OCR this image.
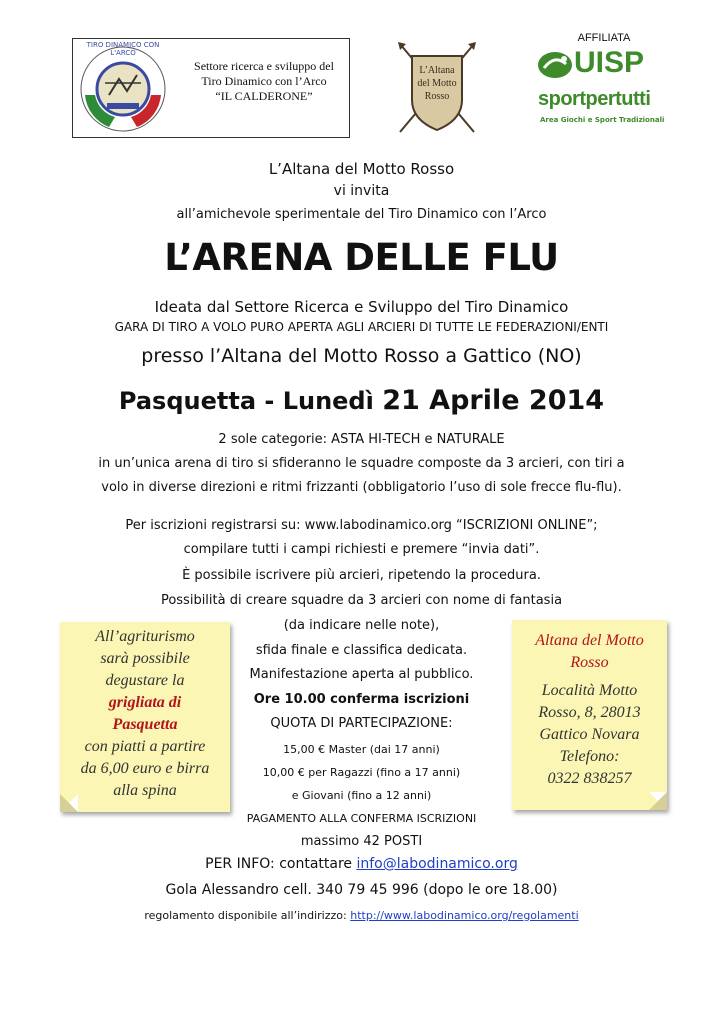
TIRO DINAMICO CON L'ARCO
Settore ricerca e sviluppo del
Tiro Dinamico con l’Arco
“IL CALDERONE”
L’Altana del Motto Rosso
AFFILIATA
UISP
sportpertutti
Area Giochi e Sport Tradizionali
L’Altana del Motto Rosso
vi invita
all’amichevole sperimentale del Tiro Dinamico con l’Arco
L’ARENA DELLE FLU
Ideata dal Settore Ricerca e Sviluppo del Tiro Dinamico
GARA DI TIRO A VOLO PURO APERTA AGLI ARCIERI DI TUTTE LE FEDERAZIONI/ENTI
presso l’Altana del Motto Rosso a Gattico (NO)
Pasquetta - Lunedì 21 Aprile 2014
2 sole categorie: ASTA HI-TECH e NATURALE
in un’unica arena di tiro si sfideranno le squadre composte da 3 arcieri, con tiri a
volo in diverse direzioni e ritmi frizzanti (obbligatorio l’uso di sole frecce flu-flu).
Per iscrizioni registrarsi su: www.labodinamico.org “ISCRIZIONI ONLINE”;
compilare tutti i campi richiesti e premere “invia dati”.
È possibile iscrivere più arcieri, ripetendo la procedura.
Possibilità di creare squadre da 3 arcieri con nome di fantasia
(da indicare nelle note),
sfida finale e classifica dedicata.
Manifestazione aperta al pubblico.
Ore 10.00 conferma iscrizioni
QUOTA DI PARTECIPAZIONE:
15,00 € Master (dai 17 anni)
10,00 € per Ragazzi (fino a 17 anni)
e Giovani (fino a 12 anni)
PAGAMENTO ALLA CONFERMA ISCRIZIONI
massimo 42 POSTI
PER INFO: contattare info@labodinamico.org
Gola Alessandro cell. 340 79 45 996 (dopo le ore 18.00)
regolamento disponibile all’indirizzo: http://www.labodinamico.org/regolamenti
All’agriturismo
sarà possibile
degustare la
grigliata di
Pasquetta
con piatti a partire
da 6,00 euro e birra
alla spina
Altana del Motto
Rosso
Località Motto
Rosso, 8, 28013
Gattico Novara
Telefono:
0322 838257
